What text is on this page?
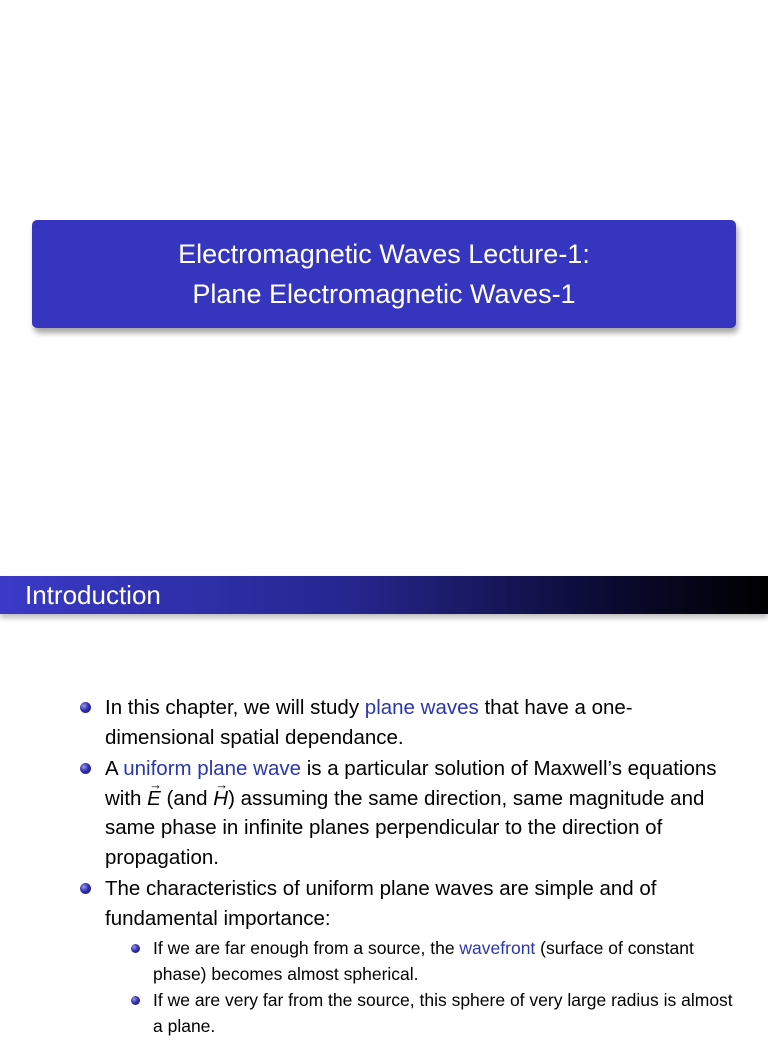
Electromagnetic Waves Lecture-1:
Plane Electromagnetic Waves-1
Introduction
In this chapter, we will study plane waves that have a one-dimensional spatial dependance.
A uniform plane wave is a particular solution of Maxwell’s equations with → E (and → H) assuming the same direction, same magnitude and same phase in infinite planes perpendicular to the direction of propagation.
The characteristics of uniform plane waves are simple and of fundamental importance:
If we are far enough from a source, the wavefront (surface of constant phase) becomes almost spherical.
If we are very far from the source, this sphere of very large radius is almost a plane.
